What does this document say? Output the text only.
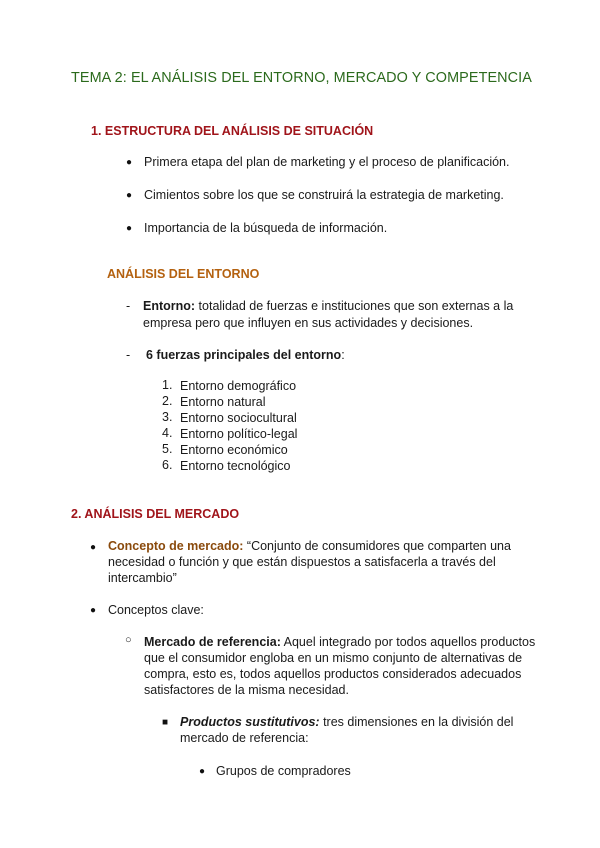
TEMA 2: EL ANÁLISIS DEL ENTORNO, MERCADO Y COMPETENCIA
1. ESTRUCTURA DEL ANÁLISIS DE SITUACIÓN
● Primera etapa del plan de marketing y el proceso de planificación.
● Cimientos sobre los que se construirá la estrategia de marketing.
● Importancia de la búsqueda de información.
ANÁLISIS DEL ENTORNO
- Entorno: totalidad de fuerzas e instituciones que son externas a la
empresa pero que influyen en sus actividades y decisiones.
- 6 fuerzas principales del entorno:
1. Entorno demográfico
2. Entorno natural
3. Entorno sociocultural
4. Entorno político-legal
5. Entorno económico
6. Entorno tecnológico
2. ANÁLISIS DEL MERCADO
● Concepto de mercado: “Conjunto de consumidores que comparten una
necesidad o función y que están dispuestos a satisfacerla a través del
intercambio”
● Conceptos clave:
○ Mercado de referencia: Aquel integrado por todos aquellos productos
que el consumidor engloba en un mismo conjunto de alternativas de
compra, esto es, todos aquellos productos considerados adecuados
satisfactores de la misma necesidad.
■ Productos sustitutivos: tres dimensiones en la división del
mercado de referencia:
● Grupos de compradores
